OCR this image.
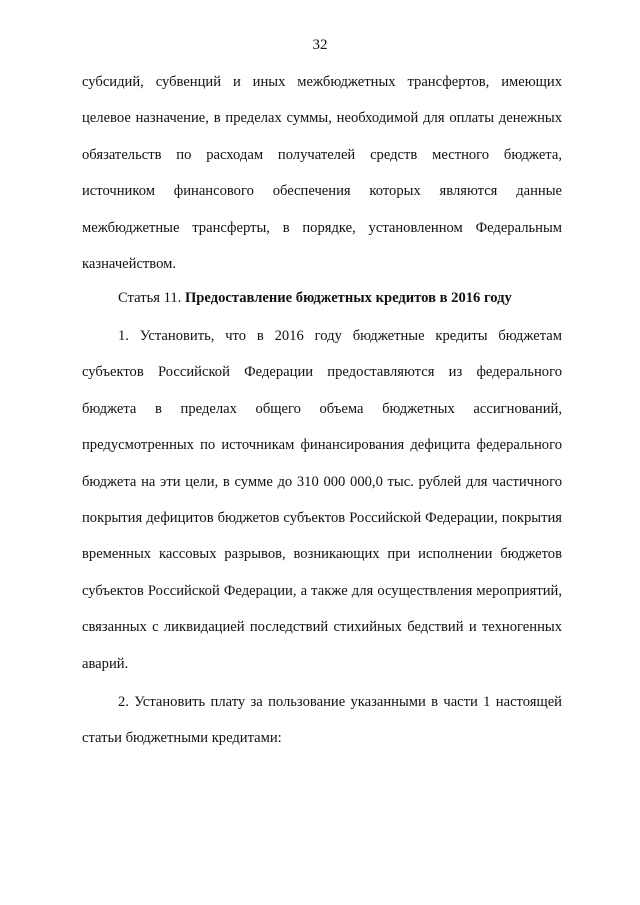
32

субсидий, субвенций и иных межбюджетных трансфертов, имеющих целевое назначение, в пределах суммы, необходимой для оплаты денежных обязательств по расходам получателей средств местного бюджета, источником финансового обеспечения которых являются данные межбюджетные трансферты, в порядке, установленном Федеральным казначейством.

Статья 11. Предоставление бюджетных кредитов в 2016 году

1. Установить, что в 2016 году бюджетные кредиты бюджетам субъектов Российской Федерации предоставляются из федерального бюджета в пределах общего объема бюджетных ассигнований, предусмотренных по источникам финансирования дефицита федерального бюджета на эти цели, в сумме до 310 000 000,0 тыс. рублей для частичного покрытия дефицитов бюджетов субъектов Российской Федерации, покрытия временных кассовых разрывов, возникающих при исполнении бюджетов субъектов Российской Федерации, а также для осуществления мероприятий, связанных с ликвидацией последствий стихийных бедствий и техногенных аварий.

2. Установить плату за пользование указанными в части 1 настоящей статьи бюджетными кредитами:
